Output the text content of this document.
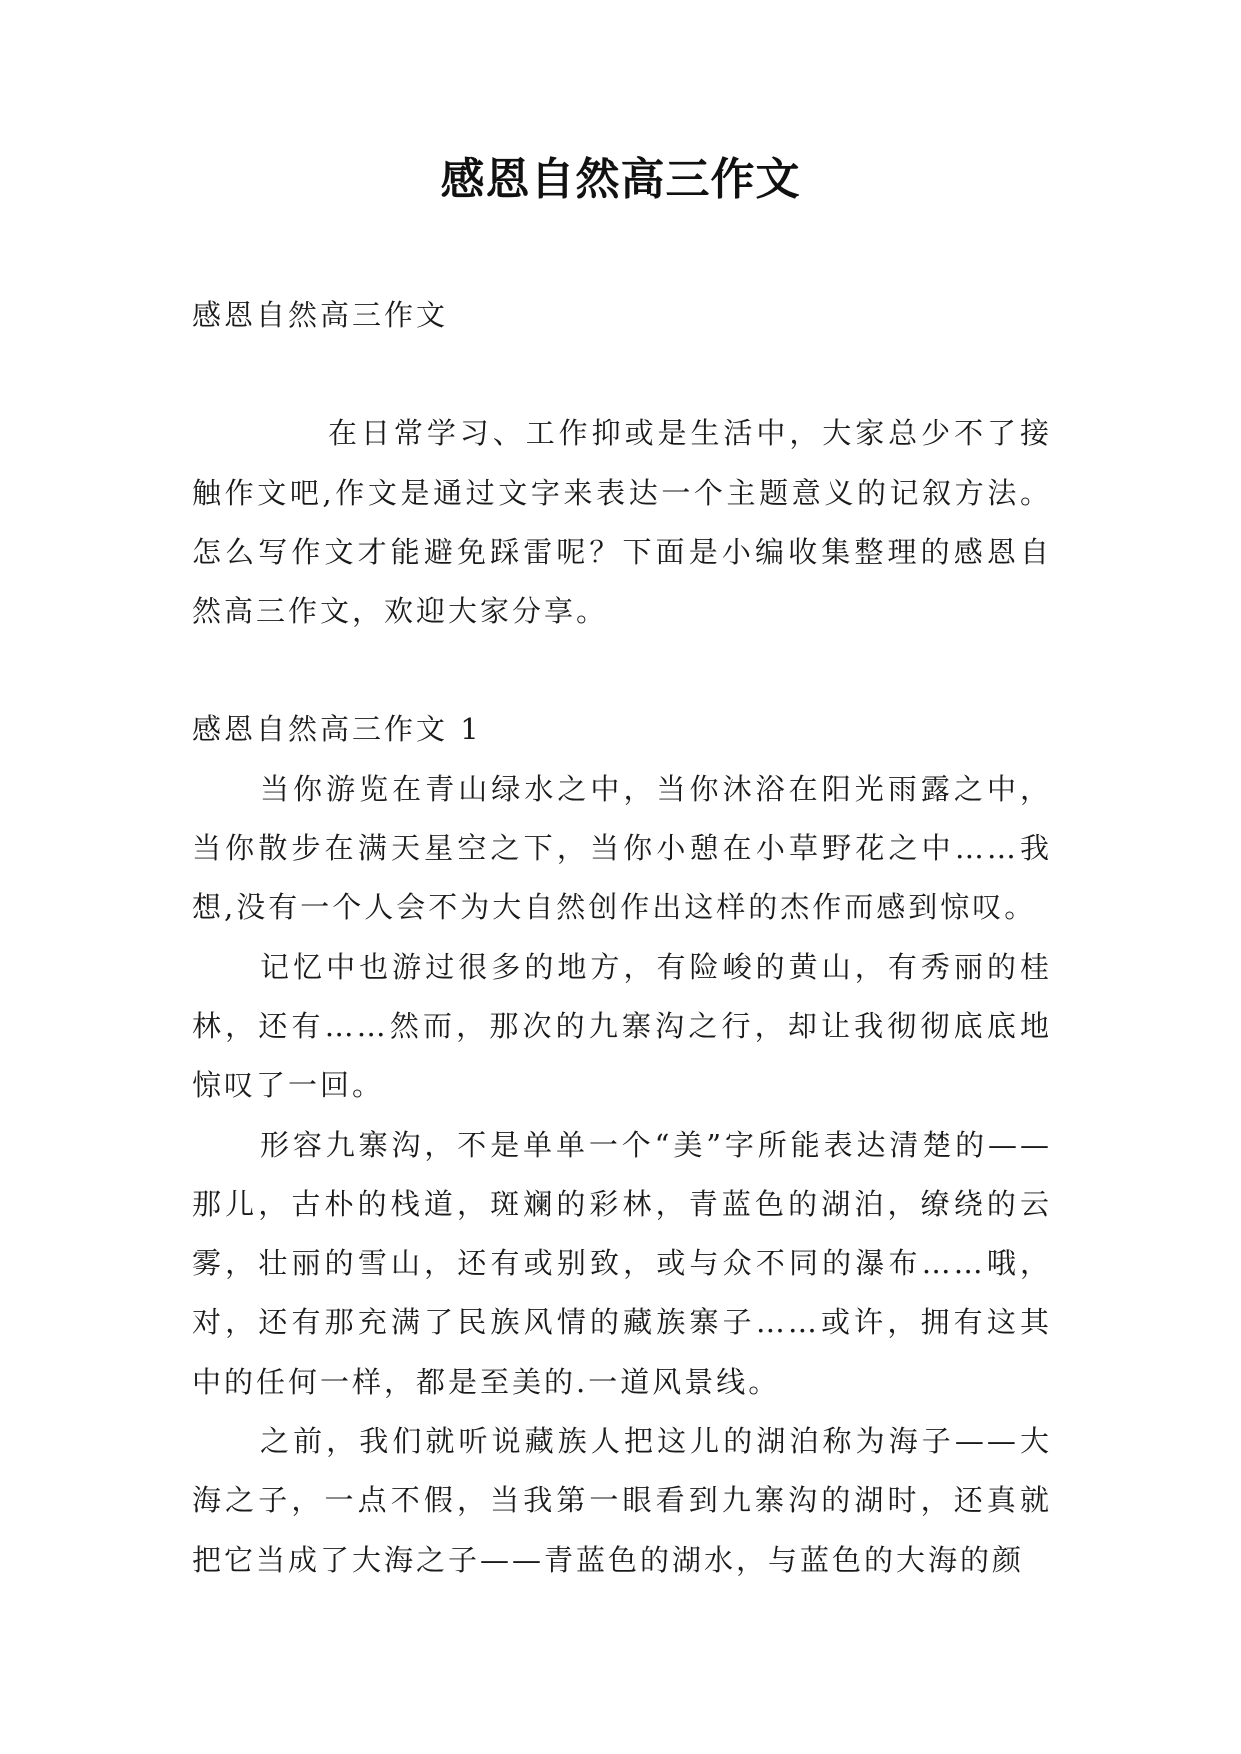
感恩自然高三作文

感恩自然高三作文

在日常学习、工作抑或是生活中，大家总少不了接触作文吧,作文是通过文字来表达一个主题意义的记叙方法。怎么写作文才能避免踩雷呢？下面是小编收集整理的感恩自然高三作文，欢迎大家分享。

感恩自然高三作文 1

当你游览在青山绿水之中，当你沐浴在阳光雨露之中，当你散步在满天星空之下，当你小憩在小草野花之中……我想,没有一个人会不为大自然创作出这样的杰作而感到惊叹。

记忆中也游过很多的地方，有险峻的黄山，有秀丽的桂林，还有……然而，那次的九寨沟之行，却让我彻彻底底地惊叹了一回。

形容九寨沟，不是单单一个“美”字所能表达清楚的——那儿，古朴的栈道，斑斓的彩林，青蓝色的湖泊，缭绕的云雾，壮丽的雪山，还有或别致，或与众不同的瀑布……哦，对，还有那充满了民族风情的藏族寨子……或许，拥有这其中的任何一样，都是至美的.一道风景线。

之前，我们就听说藏族人把这儿的湖泊称为海子——大海之子，一点不假，当我第一眼看到九寨沟的湖时，还真就把它当成了大海之子——青蓝色的湖水，与蓝色的大海的颜
